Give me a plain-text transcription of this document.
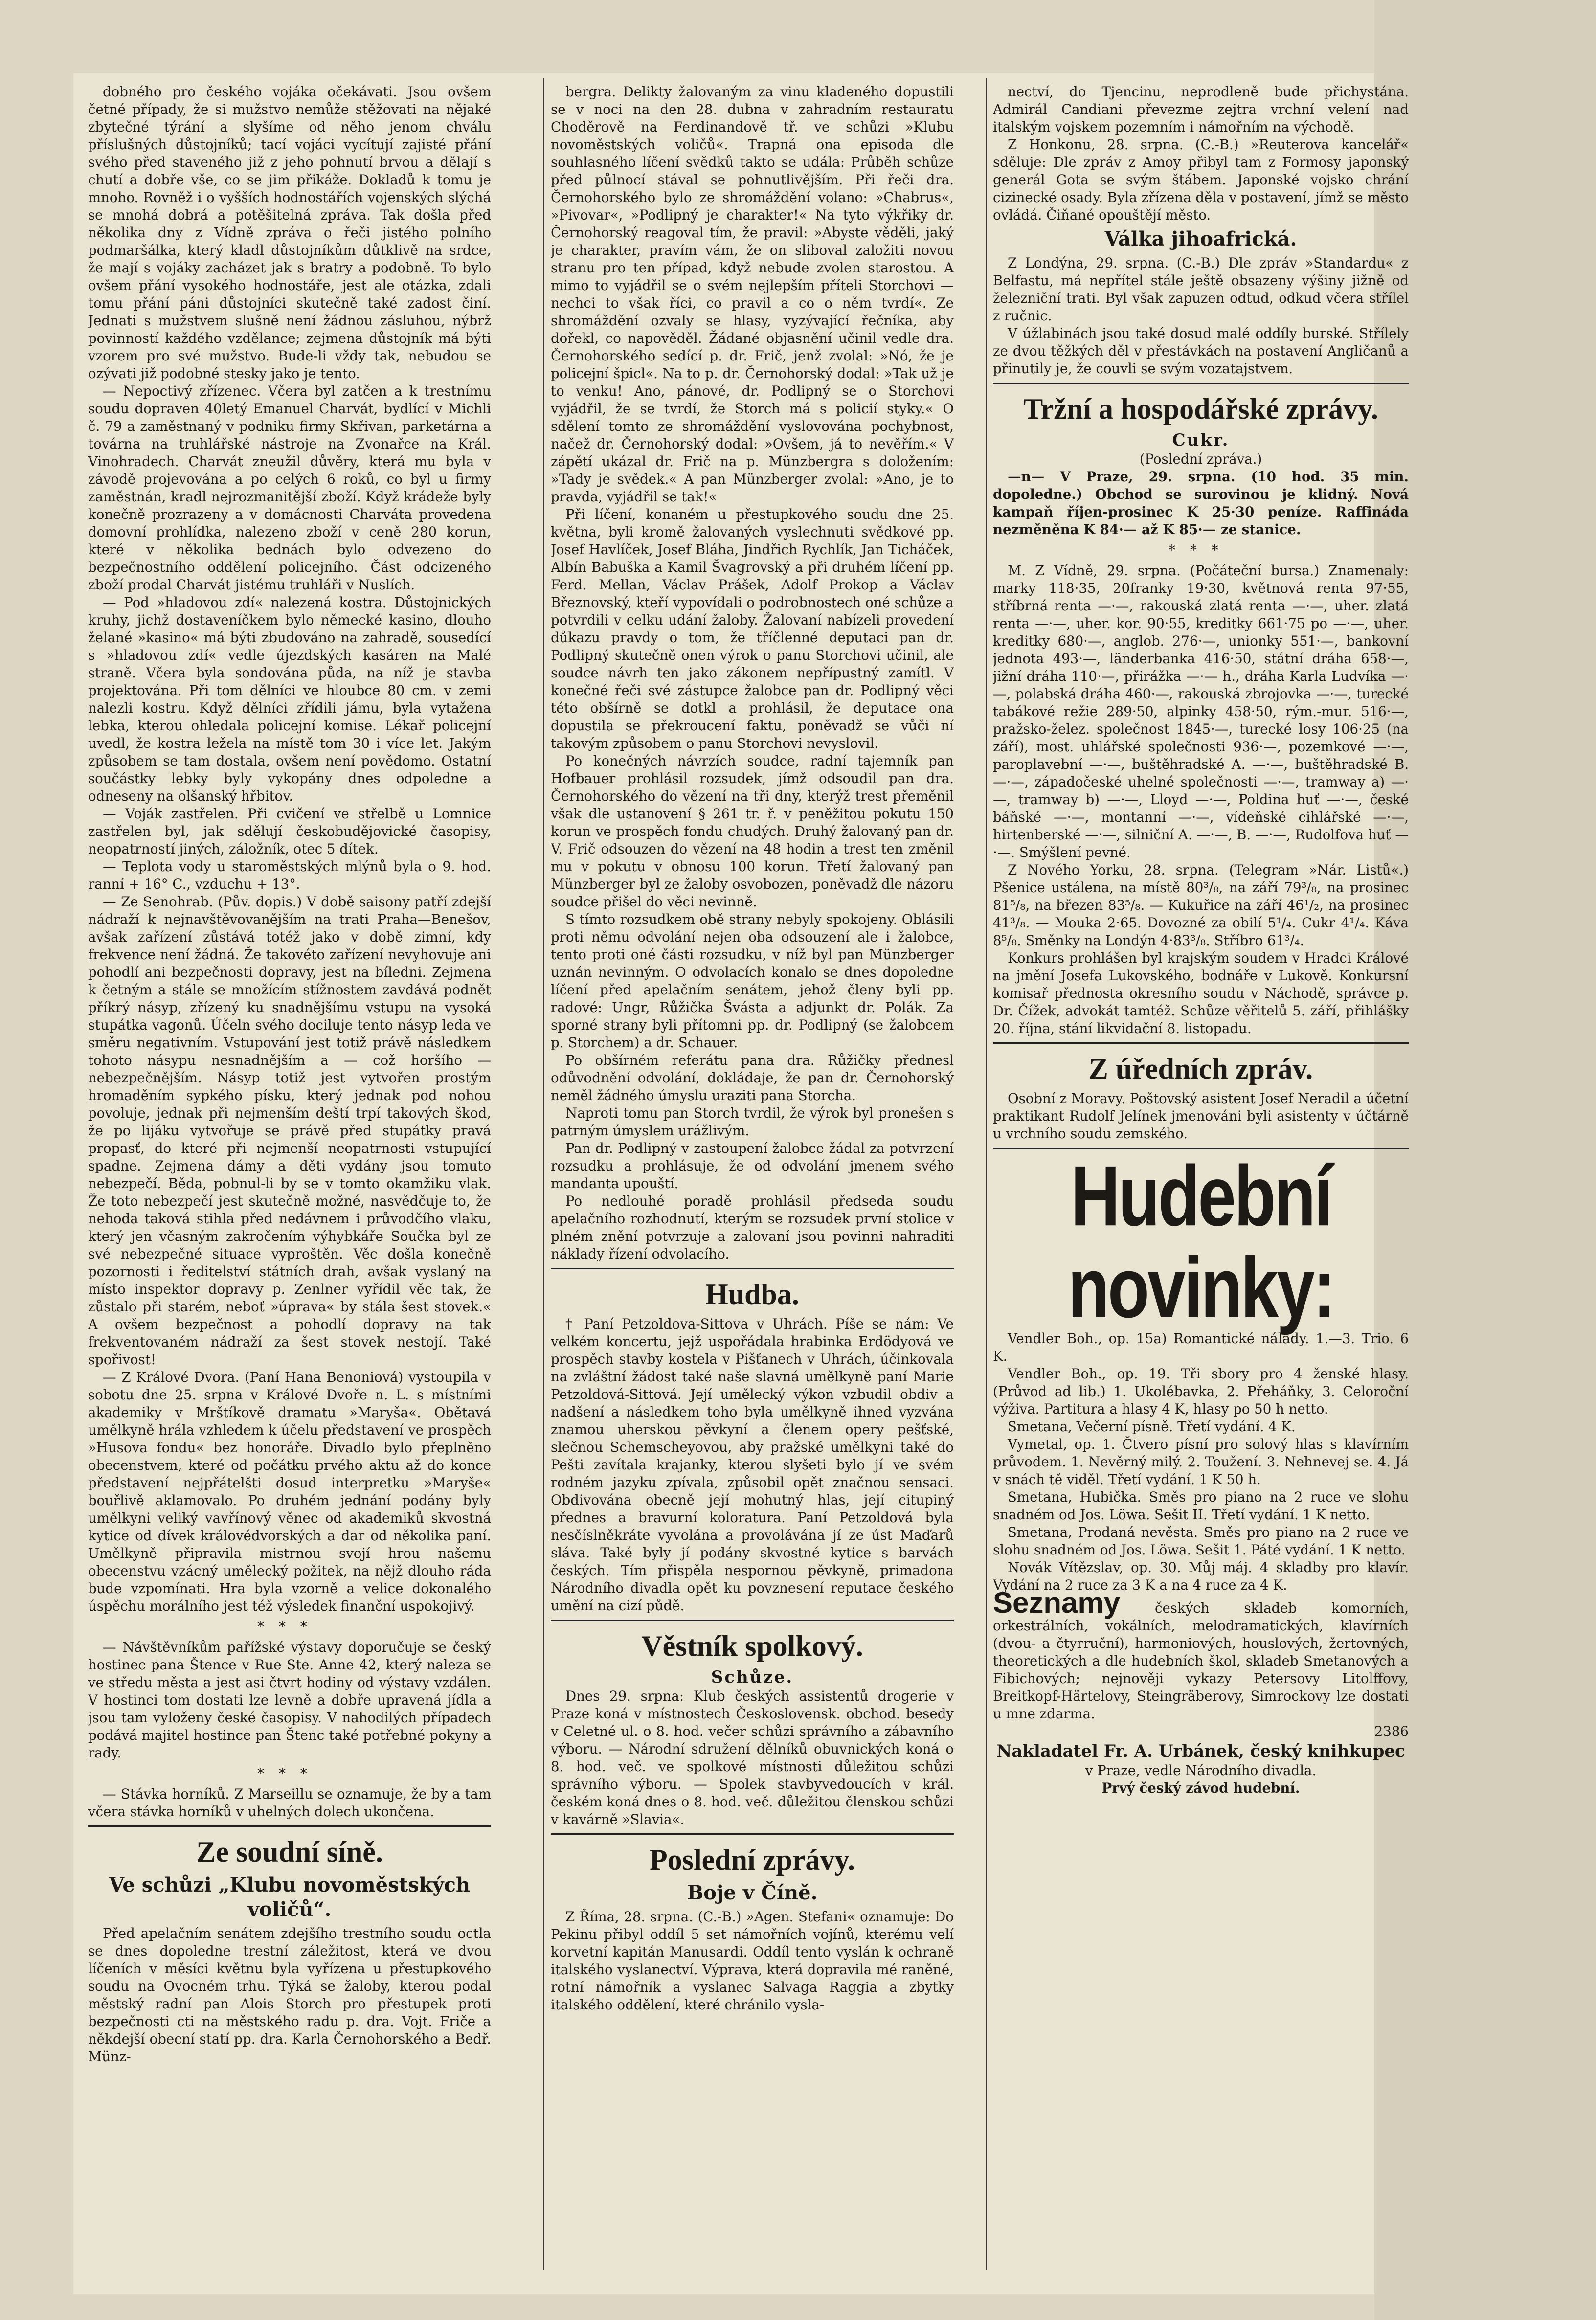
dobného pro českého vojáka očekávati. Jsou ovšem četné případy, že si mužstvo nemůže stěžovati na nějaké zbytečné týrání a slyšíme od něho jenom chválu příslušných důstojníků; tací vojáci vycítují zajisté přání svého před staveného již z jeho pohnutí brvou a dělají s chutí a dobře vše, co se jim přikáže. Dokladů k tomu je mnoho. Rovněž i o vyšších hodnostářích vojenských slýchá se mnohá dobrá a potěšitelná zpráva. Tak došla před několika dny z Vídně zpráva o řeči jistého polního podmaršálka, který kladl důstojníkům důtklivě na srdce, že mají s vojáky zacházet jak s bratry a podobně. To bylo ovšem přání vysokého hodnostáře, jest ale otázka, zdali tomu přání páni důstojníci skutečně také zadost činí. Jednati s mužstvem slušně není žádnou zásluhou, nýbrž povinností každého vzdělance; zejmena důstojník má býti vzorem pro své mužstvo. Bude-li vždy tak, nebudou se ozývati již podobné stesky jako je tento.

— Nepoctivý zřízenec. Včera byl zatčen a k trestnímu soudu dopraven 40letý Emanuel Charvát, bydlící v Michli č. 79 a zaměstnaný v podniku firmy Skřivan, parketárna a továrna na truhlářské nástroje na Zvonařce na Král. Vinohradech. Charvát zneužil důvěry, která mu byla v závodě projevována a po celých 6 roků, co byl u firmy zaměstnán, kradl nejrozmanitější zboží. Když krádeže byly konečně prozrazeny a v domácnosti Charváta provedena domovní prohlídka, nalezeno zboží v ceně 280 korun, které v několika bednách bylo odvezeno do bezpečnostního oddělení policejního. Část odcizeného zboží prodal Charvát jistému truhláři v Nuslích.

— Pod »hladovou zdí« nalezená kostra. Důstojnických kruhy, jichž dostaveníčkem bylo německé kasino, dlouho želané »kasino« má býti zbudováno na zahradě, sousedící s »hladovou zdí« vedle újezdských kasáren na Malé straně. Včera byla sondována půda, na níž je stavba projektována. Při tom dělníci ve hloubce 80 cm. v zemi nalezli kostru. Když dělníci zřídili jámu, byla vytažena lebka, kterou ohledala policejní komise. Lékař policejní uvedl, že kostra ležela na místě tom 30 i více let. Jakým způsobem se tam dostala, ovšem není povědomo. Ostatní součástky lebky byly vykopány dnes odpoledne a odneseny na olšanský hřbitov.

— Voják zastřelen. Při cvičení ve střelbě u Lomnice zastřelen byl, jak sdělují českobudějovické časopisy, neopatrností jiných, záložník, otec 5 dítek.

— Teplota vody u staroměstských mlýnů byla o 9. hod. ranní + 16° C., vzduchu + 13°.

— Ze Senohrab. (Pův. dopis.) V době saisony patří zdejší nádraží k nejnavštěvovanějším na trati Praha—Benešov, avšak zařízení zůstává totéž jako v době zimní, kdy frekvence není žádná. Že takovéto zařízení nevyhovuje ani pohodlí ani bezpečnosti dopravy, jest na bíledni. Zejmena k četným a stále se množícím stížnostem zavdává podnět příkrý násyp, zřízený ku snadnějšímu vstupu na vysoká stupátka vagonů. Účeln svého dociluje tento násyp leda ve směru negativním. Vstupování jest totiž právě následkem tohoto násypu nesnadnějším a — což horšího — nebezpečnějším. Násyp totiž jest vytvořen prostým hromaděním sypkého písku, který jednak pod nohou povoluje, jednak při nejmenším deští trpí takových škod, že po lijáku vytvořuje se právě před stupátky pravá propasť, do které při nejmenší neopatrnosti vstupující spadne. Zejmena dámy a děti vydány jsou tomuto nebezpečí. Běda, pobnul-li by se v tomto okamžiku vlak. Že toto nebezpečí jest skutečně možné, nasvědčuje to, že nehoda taková stihla před nedávnem i průvodčího vlaku, který jen včasným zakročením výhybkáře Součka byl ze své nebezpečné situace vyproštěn. Věc došla konečně pozornosti i ředitelství státních drah, avšak vyslaný na místo inspektor dopravy p. Zenlner vyřídil věc tak, že zůstalo při starém, neboť »úprava« by stála šest stovek.« A ovšem bezpečnost a pohodlí dopravy na tak frekventovaném nádraží za šest stovek nestojí. Také spořivost!

— Z Králové Dvora. (Paní Hana Benoniová) vystoupila v sobotu dne 25. srpna v Králové Dvoře n. L. s místními akademiky v Mrštíkově dramatu »Maryša«. Obětavá umělkyně hrála vzhledem k účelu představení ve prospěch »Husova fondu« bez honoráře. Divadlo bylo přeplněno obecenstvem, které od počátku prvého aktu až do konce představení nejpřátelšti dosud interpretku »Maryše« bouřlivě aklamovalo. Po druhém jednání podány byly umělkyni veliký vavřínový věnec od akademiků skvostná kytice od dívek královédvorských a dar od několika paní. Umělkyně připravila mistrnou svojí hrou našemu obecenstvu vzácný umělecký požitek, na nějž dlouho ráda bude vzpomínati. Hra byla vzorně a velice dokonalého úspěchu morálního jest též výsledek finanční uspokojivý.

***

— Návštěvníkům pařížské výstavy doporučuje se český hostinec pana Štence v Rue Ste. Anne 42, který naleza se ve středu města a jest asi čtvrt hodiny od výstavy vzdálen. V hostinci tom dostati lze levně a dobře upravená jídla a jsou tam vyloženy české časopisy. V nahodilých případech podává majitel hostince pan Štenc také potřebné pokyny a rady.

***

— Stávka horníků. Z Marseillu se oznamuje, že by a tam včera stávka horníků v uhelných dolech ukončena.

Ze soudní síně.
Ve schůzi „Klubu novoměstských voličů“.

Před apelačním senátem zdejšího trestního soudu octla se dnes dopoledne trestní záležitost, která ve dvou líčeních v měsíci květnu byla vyřízena u přestupkového soudu na Ovocném trhu. Týká se žaloby, kterou podal městský radní pan Alois Storch pro přestupek proti bezpečnosti cti na městského radu p. dra. Vojt. Friče a někdejší obecní statí pp. dra. Karla Černohorského a Bedř. Münz-

bergra. Delikty žalovaným za vinu kladeného dopustili se v noci na den 28. dubna v zahradním restauratu Choděrově na Ferdinandově tř. ve schůzi »Klubu novoměstských voličů«. Trapná ona episoda dle souhlasného líčení svědků takto se udála: Průběh schůze před půlnocí stával se pohnutlivějším. Při řeči dra. Černohorského bylo ze shromáždění volano: »Chabrus«, »Pivovar«, »Podlipný je charakter!« Na tyto výkřiky dr. Černohorský reagoval tím, že pravil: »Abyste věděli, jaký je charakter, pravím vám, že on sliboval založiti novou stranu pro ten případ, když nebude zvolen starostou. A mimo to vyjádřil se o svém nejlepším příteli Storchovi — nechci to však říci, co pravil a co o něm tvrdí«. Ze shromáždění ozvaly se hlasy, vyzývající řečníka, aby dořekl, co napověděl. Žádané objasnění učinil vedle dra. Černohorského sedící p. dr. Frič, jenž zvolal: »Nó, že je policejní špicl«. Na to p. dr. Černohorský dodal: »Tak už je to venku! Ano, pánové, dr. Podlipný se o Storchovi vyjádřil, že se tvrdí, že Storch má s policií styky.« O sdělení tomto ze shromáždění vyslovována pochybnost, načež dr. Černohorský dodal: »Ovšem, já to nevěřím.« V zápětí ukázal dr. Frič na p. Münzbergra s doložením: »Tady je svědek.« A pan Münzberger zvolal: »Ano, je to pravda, vyjádřil se tak!«

Při líčení, konaném u přestupkového soudu dne 25. května, byli kromě žalovaných vyslechnuti svědkové pp. Josef Havlíček, Josef Bláha, Jindřich Rychlík, Jan Ticháček, Albín Babuška a Kamil Švagrovský a při druhém líčení pp. Ferd. Mellan, Václav Prášek, Adolf Prokop a Václav Březnovský, kteří vypovídali o podrobnostech oné schůze a potvrdili v celku udání žaloby. Žalovaní nabízeli provedení důkazu pravdy o tom, že tříčlenné deputaci pan dr. Podlipný skutečně onen výrok o panu Storchovi učinil, ale soudce návrh ten jako zákonem nepřípustný zamítl. V konečné řeči své zástupce žalobce pan dr. Podlipný věci této obšírně se dotkl a prohlásil, že deputace ona dopustila se překroucení faktu, poněvadž se vůči ní takovým způsobem o panu Storchovi nevyslovil.

Po konečných návrzích soudce, radní tajemník pan Hofbauer prohlásil rozsudek, jímž odsoudil pan dra. Černohorského do vězení na tři dny, kterýž trest přeměnil však dle ustanovení § 261 tr. ř. v peněžitou pokutu 150 korun ve prospěch fondu chudých. Druhý žalovaný pan dr. V. Frič odsouzen do vězení na 48 hodin a trest ten změnil mu v pokutu v obnosu 100 korun. Třetí žalovaný pan Münzberger byl ze žaloby osvobozen, poněvadž dle názoru soudce přišel do věci nevinně.

S tímto rozsudkem obě strany nebyly spokojeny. Oblásili proti němu odvolání nejen oba odsouzení ale i žalobce, tento proti oné části rozsudku, v níž byl pan Münzberger uznán nevinným. O odvolacích konalo se dnes dopoledne líčení před apelačním senátem, jehož členy byli pp. radové: Ungr, Růžička Švásta a adjunkt dr. Polák. Za sporné strany byli přítomni pp. dr. Podlipný (se žalobcem p. Storchem) a dr. Schauer.

Po obšírném referátu pana dra. Růžičky přednesl odůvodnění odvolání, dokládaje, že pan dr. Černohorský neměl žádného úmyslu uraziti pana Storcha.

Naproti tomu pan Storch tvrdil, že výrok byl pronešen s patrným úmyslem urážlivým.

Pan dr. Podlipný v zastoupení žalobce žádal za potvrzení rozsudku a prohlásuje, že od odvolání jmenem svého mandanta upouští.

Po nedlouhé poradě prohlásil předseda soudu apelačního rozhodnutí, kterým se rozsudek první stolice v plném znění potvrzuje a zalovaní jsou povinni nahraditi náklady řízení odvolacího.

Hudba.

† Paní Petzoldova-Sittova v Uhrách. Píše se nám: Ve velkém koncertu, jejž uspořádala hrabinka Erdödyová ve prospěch stavby kostela v Pišťanech v Uhrách, účinkovala na zvláštní žádost také naše slavná umělkyně paní Marie Petzoldová-Sittová. Její umělecký výkon vzbudil obdiv a nadšení a následkem toho byla umělkyně ihned vyzvána znamou uherskou pěvkyní a členem opery pešťské, slečnou Schemscheyovou, aby pražské umělkyni také do Pešti zavítala krajanky, kterou slyšeti bylo jí ve svém rodném jazyku zpívala, způsobil opět značnou sensaci. Obdivována obecně její mohutný hlas, její citupiný přednes a bravurní koloratura. Paní Petzoldová byla nesčíslněkráte vyvolána a provolávána jí ze úst Maďarů sláva. Také byly jí podány skvostné kytice s barvách českých. Tím přispěla nespornou pěvkyně, primadona Národního divadla opět ku povznesení reputace českého umění na cizí půdě.

Věstník spolkový.
Schůze.

Dnes 29. srpna: Klub českých assistentů drogerie v Praze koná v místnostech Československ. obchod. besedy v Celetné ul. o 8. hod. večer schůzi správního a zábavního výboru. — Národní sdružení dělníků obuvnických koná o 8. hod. več. ve spolkové místnosti důležitou schůzi správního výboru. — Spolek stavbyvedoucích v král. českém koná dnes o 8. hod. več. důležitou členskou schůzi v kavárně »Slavia«.

Poslední zprávy.
Boje v Číně.

Z Říma, 28. srpna. (C.-B.) »Agen. Stefani« oznamuje: Do Pekinu přibyl oddíl 5 set námořních vojínů, kterému velí korvetní kapitán Manusardi. Oddíl tento vyslán k ochraně italského vyslanectví. Výprava, která dopravila mé raněné, rotní námořník a vyslanec Salvaga Raggia a zbytky italského oddělení, které chránilo vysla-

nectví, do Tjencinu, neprodleně bude přichystána. Admirál Candiani převezme zejtra vrchní velení nad italským vojskem pozemním i námořním na východě.

Z Honkonu, 28. srpna. (C.-B.) »Reuterova kancelář« sděluje: Dle zpráv z Amoy přibyl tam z Formosy japonský generál Gota se svým štábem. Japonské vojsko chrání cizinecké osady. Byla zřízena děla v postavení, jímž se město ovládá. Čiňané opouštějí město.

Válka jihoafrická.

Z Londýna, 29. srpna. (C.-B.) Dle zpráv »Standardu« z Belfastu, má nepřítel stále ještě obsazeny výšiny jižně od železniční trati. Byl však zapuzen odtud, odkud včera střílel z ručnic.

V úžlabinách jsou také dosud malé oddíly burské. Střílely ze dvou těžkých děl v přestávkách na postavení Angličanů a přinutily je, že couvli se svým vozatajstvem.

Tržní a hospodářské zprávy.
Cukr.

(Poslední zpráva.)

—n— V Praze, 29. srpna. (10 hod. 35 min. dopoledne.) Obchod se surovinou je klidný. Nová kampaň říjen-prosinec K 25·30 peníze. Raffináda nezměněna K 84·— až K 85·— ze stanice.

***

M. Z Vídně, 29. srpna. (Počáteční bursa.) Znamenaly: marky 118·35, 20franky 19·30, květnová renta 97·55, stříbrná renta —·—, rakouská zlatá renta —·—, uher. zlatá renta —·—, uher. kor. 90·55, kreditky 661·75 po —·—, uher. kreditky 680·—, anglob. 276·—, unionky 551·—, bankovní jednota 493·—, länderbanka 416·50, státní dráha 658·—, jižní dráha 110·—, přirážka —·— h., dráha Karla Ludvíka —·—, polabská dráha 460·—, rakouská zbrojovka —·—, turecké tabákové režie 289·50, alpinky 458·50, rým.-mur. 516·—, pražsko-želez. společnost 1845·—, turecké losy 106·25 (na září), most. uhlářské společnosti 936·—, pozemkové —·—, paroplavební —·—, buštěhradské A. —·—, buštěhradské B. —·—, západočeské uhelné společnosti —·—, tramway a) —·—, tramway b) —·—, Lloyd —·—, Poldina huť —·—, české báňské —·—, montanní —·—, vídeňské cihlářské —·—, hirtenberské —·—, silniční A. —·—, B. —·—, Rudolfova huť —·—. Smýšlení pevné.

Z Nového Yorku, 28. srpna. (Telegram »Nár. Listů«.) Pšenice ustálena, na místě 80³/₈, na září 79³/₈, na prosinec 81⁵/₈, na březen 83⁵/₈. — Kukuřice na září 46¹/₂, na prosinec 41³/₈. — Mouka 2·65. Dovozné za obilí 5¹/₄. Cukr 4¹/₄. Káva 8⁵/₈. Směnky na Londýn 4·83³/₈. Stříbro 61³/₄.

Konkurs prohlášen byl krajským soudem v Hradci Králové na jmění Josefa Lukovského, bodnáře v Lukově. Konkursní komisař přednosta okresního soudu v Náchodě, správce p. Dr. Čížek, advokát tamtéž. Schůze věřitelů 5. září, přihlášky 20. října, stání likvidační 8. listopadu.

Z úředních zpráv.

Osobní z Moravy. Poštovský asistent Josef Neradil a účetní praktikant Rudolf Jelínek jmenováni byli asistenty v účtárně u vrchního soudu zemského.

Hudební novinky:

Vendler Boh., op. 15a) Romantické nálady. 1.—3. Trio. 6 K.

Vendler Boh., op. 19. Tři sbory pro 4 ženské hlasy. (Průvod ad lib.) 1. Ukolébavka, 2. Přeháňky, 3. Celoroční výživa. Partitura a hlasy 4 K, hlasy po 50 h netto.

Smetana, Večerní písně. Třetí vydání. 4 K.

Vymetal, op. 1. Čtvero písní pro solový hlas s klavírním průvodem. 1. Nevěrný milý. 2. Toužení. 3. Nehnevej se. 4. Já v snách tě viděl. Třetí vydání. 1 K 50 h.

Smetana, Hubička. Směs pro piano na 2 ruce ve slohu snadném od Jos. Löwa. Sešit II. Třetí vydání. 1 K netto.

Smetana, Prodaná nevěsta. Směs pro piano na 2 ruce ve slohu snadném od Jos. Löwa. Sešit 1. Páté vydání. 1 K netto.

Novák Vítězslav, op. 30. Můj máj. 4 skladby pro klavír. Vydání na 2 ruce za 3 K a na 4 ruce za 4 K.

Seznamy	českých skladeb komorních, orkestrálních, vokálních, melodramatických, klavírních (dvou- a čtyrruční), harmoniových, houslových, žertovných, theoretických a dle hudebních škol, skladeb Smetanových a Fibichových; nejnověji vykazy Petersovy Litolffovy, Breitkopf-Härtelovy, Steingräberovy, Simrockovy lze dostati u mne zdarma.

2386

Nakladatel Fr. A. Urbánek, český knihkupec

v Praze, vedle Národního divadla.

Prvý český závod hudební.
